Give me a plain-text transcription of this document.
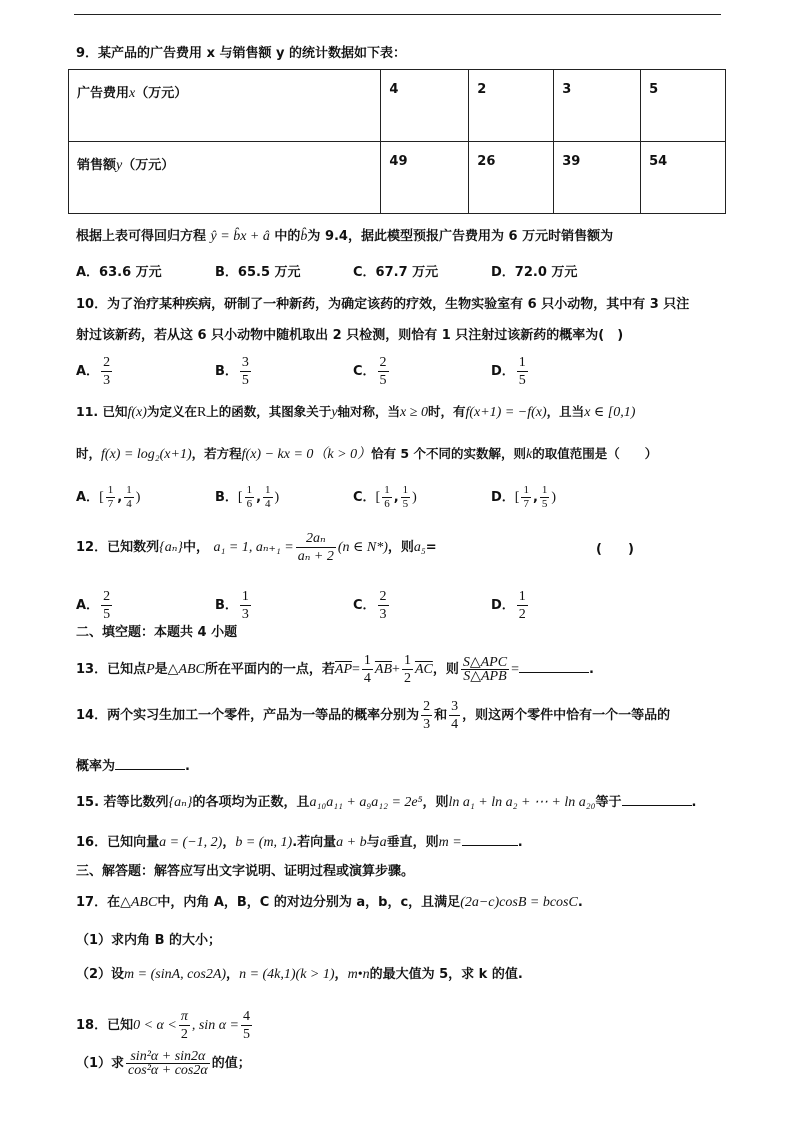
9．某产品的广告费用 x 与销售额 y 的统计数据如下表：
广告费用x（万元）	4	2	3	5
销售额y（万元）	49	26	39	54
根据上表可得回归方程 ŷ = b̂x + â 中的b̂为 9.4，据此模型预报广告费用为 6 万元时销售额为
A．63.6 万元	B．65.5 万元	C．67.7 万元	D．72.0 万元
10．为了治疗某种疾病，研制了一种新药，为确定该药的疗效，生物实验室有 6 只小动物，其中有 3 只注
射过该新药，若从这 6 只小动物中随机取出 2 只检测，则恰有 1 只注射过该新药的概率为(　)
A． $\frac{2}{3}$	B． $\frac{3}{5}$	C． $\frac{2}{5}$	D． $\frac{1}{5}$
11. 已知f(x)为定义在R上的函数，其图象关于y轴对称，当x ≥ 0时，有f(x+1) = −f(x)，且当x ∈ [0,1)
时，f(x) = log₂(x+1)，若方程f(x) − kx = 0（k > 0）恰有 5 个不同的实数解，则k的取值范围是（　　）
A．[ $\frac{1}{7}$ , $\frac{1}{4}$ )	B．[ $\frac{1}{6}$ , $\frac{1}{4}$ )	C．[ $\frac{1}{6}$ , $\frac{1}{5}$ )	D．[ $\frac{1}{7}$ , $\frac{1}{5}$ )
12．已知数列{aₙ}中， a₁ = 1, $a_{n+1} = \frac{\text{2aₙ}}{\text{aₙ + 2}} (n$ ∈ N*)，则a₅=	(　　)
A． $\frac{2}{5}$	B． $\frac{1}{3}$	C． $\frac{2}{3}$	D． $\frac{1}{2}$
二、填空题：本题共 4 小题
13．已知点P是△ABC所在平面内的一点，若$\overline{AP}= \frac{1}{4} \overline{AB}+ \frac{1}{2} \overline{AC}$，则 $\frac{\text{S△APC}}{\text{S△APB}}$ =	.
14．两个实习生加工一个零件，产品为一等品的概率分别为 $\frac{2}{3}$ 和 $\frac{3}{4}$ ，则这两个零件中恰有一个一等品的
概率为	.
15. 若等比数列{aₙ}的各项均为正数，且a₁₀a₁₁ + a₉a₁₂ = 2e⁵，则ln a₁ + ln a₂ + ⋯ + ln a₂₀等于	.
16．已知向量a = (−1, 2)，b = (m, 1).若向量a + b与a垂直，则m =	.
三、解答题：解答应写出文字说明、证明过程或演算步骤。
17．在△ABC中，内角 A，B，C 的对边分别为 a，b，c，且满足(2a−c)cosB = bcosC.
（1）求内角 B 的大小；
（2）设m = (sinA, cos2A)，n = (4k,1)(k > 1)，m•n的最大值为 5，求 k 的值.
18．已知$0 < \alpha < \frac{\pi}{2}$ , $\sin \alpha = \frac{4}{5}$
（1）求 $\frac{\text{sin²α + sin2α}}{\text{cos²α + cos2α}}$ 的值；
